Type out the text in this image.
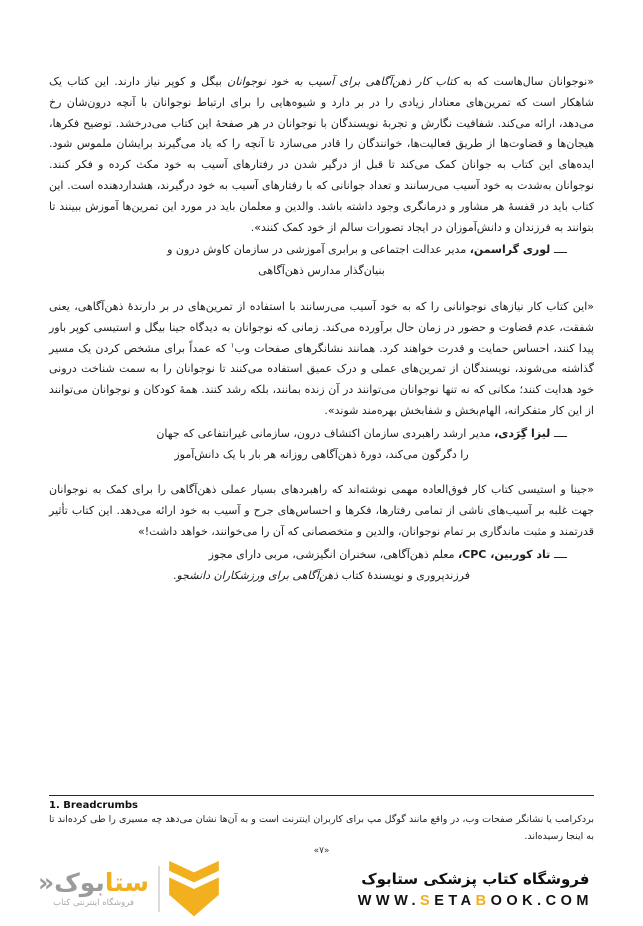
«نوجوانان سال‌هاست که به کتاب کار ذهن‌آگاهی برای آسیب به خود نوجوانان بیگل و کوپر نیاز دارند. این کتاب یک شاهکار است که تمرین‌های معنادار زیادی را در بر دارد و شیوه‌هایی را برای ارتباط نوجوانان با آنچه درون‌شان رخ می‌دهد، ارائه می‌کند. شفافیت نگارش و تجربهٔ نویسندگان با نوجوانان در هر صفحهٔ این کتاب می‌درخشد. توضیح فکرها، هیجان‌ها و قضاوت‌ها از طریق فعالیت‌ها، خوانندگان را قادر می‌سازد تا آنچه را که یاد می‌گیرند برایشان ملموس شود. ایده‌های این کتاب به جوانان کمک می‌کند تا قبل از درگیر شدن در رفتارهای آسیب به خود مکث کرده و فکر کنند. نوجوانان به‌شدت به خود آسیب می‌رسانند و تعداد جوانانی که با رفتارهای آسیب به خود درگیرند، هشداردهنده است. این کتاب باید در قفسهٔ هر مشاور و درمانگری وجود داشته باشد. والدین و معلمان باید در مورد این تمرین‌ها آموزش ببینند تا بتوانند به فرزندان و دانش‌آموزان در ایجاد تصورات سالم از خود کمک کنند».

ــــ لوری گراسمن، مدیر عدالت اجتماعی و برابری آموزشی در سازمان کاوش درون و
بنیان‌گذار مدارس ذهن‌آگاهی

«این کتاب کار نیازهای نوجوانانی را که به خود آسیب می‌رسانند با استفاده از تمرین‌های در بر دارندهٔ ذهن‌آگاهی، یعنی شفقت، عدم قضاوت و حضور در زمان حال برآورده می‌کند. زمانی که نوجوانان به دیدگاه جینا بیگل و استیسی کوپر باور پیدا کنند، احساس حمایت و قدرت خواهند کرد. همانند نشانگرهای صفحات وب$^۱$ که عمداً برای مشخص کردن یک مسیر گذاشته می‌شوند، نویسندگان از تمرین‌های عملی و درک عمیق استفاده می‌کنند تا نوجوانان را به سمت شناخت درونی خود هدایت کنند؛ مکانی که نه تنها نوجوانان می‌توانند در آن زنده بمانند، بلکه رشد کنند. همهٔ کودکان و نوجوانان می‌توانند از این کار متفکرانه، الهام‌بخش و شفابخش بهره‌مند شوند».

ــــ لیزا گِرَدی، مدیر ارشد راهبردی سازمان اکتشاف درون، سازمانی غیرانتفاعی که جهان
را دگرگون می‌کند، دورهٔ ذهن‌آگاهی روزانه هر بار با یک دانش‌آموز

«جینا و استیسی کتاب کار فوق‌العاده مهمی نوشته‌اند که راهبردهای بسیار عملی ذهن‌آگاهی را برای کمک به نوجوانان جهت غلبه بر آسیب‌های ناشی از تمامی رفتارها، فکرها و احساس‌های جرح و آسیب به خود ارائه می‌دهد. این کتاب تأثیر قدرتمند و مثبت ماندگاری بر تمام نوجوانان، والدین و متخصصانی که آن را می‌خوانند، خواهد داشت!»

ــــ تاد کوربین، CPC، معلم ذهن‌آگاهی، سخنران انگیزشی، مربی دارای مجوز
فرزندپروری و نویسندهٔ کتاب ذهن‌آگاهی برای ورزشکاران دانشجو.
1. Breadcrumbs
بردکرامب یا نشانگر صفحات وب، در واقع مانند گوگل مپ برای کاربران اینترنت است و به آن‌ها نشان می‌دهد چه مسیری را طی کرده‌اند تا به اینجا رسیده‌اند.
«۷»
ستابوک«
فروشگاه اینترنتی کتاب
فروشگاه کتاب پزشکی ستابوک
WWW.SETABOOK.COM
